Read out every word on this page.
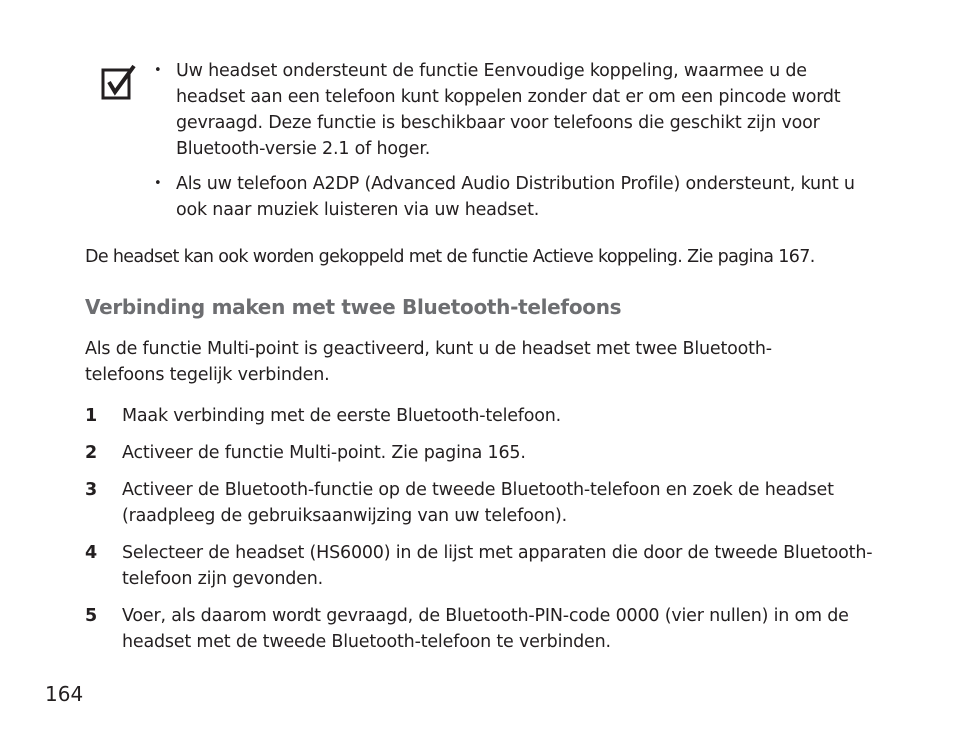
• Uw headset ondersteunt de functie Eenvoudige koppeling, waarmee u de headset aan een telefoon kunt koppelen zonder dat er om een pincode wordt gevraagd. Deze functie is beschikbaar voor telefoons die geschikt zijn voor Bluetooth-versie 2.1 of hoger.
• Als uw telefoon A2DP (Advanced Audio Distribution Profile) ondersteunt, kunt u ook naar muziek luisteren via uw headset.
De headset kan ook worden gekoppeld met de functie Actieve koppeling. Zie pagina 167.
Verbinding maken met twee Bluetooth-telefoons
Als de functie Multi-point is geactiveerd, kunt u de headset met twee Bluetooth-telefoons tegelijk verbinden.
1 Maak verbinding met de eerste Bluetooth-telefoon.
2 Activeer de functie Multi-point. Zie pagina 165.
3 Activeer de Bluetooth-functie op de tweede Bluetooth-telefoon en zoek de headset (raadpleeg de gebruiksaanwijzing van uw telefoon).
4 Selecteer de headset (HS6000) in de lijst met apparaten die door de tweede Bluetooth-telefoon zijn gevonden.
5 Voer, als daarom wordt gevraagd, de Bluetooth-PIN-code 0000 (vier nullen) in om de headset met de tweede Bluetooth-telefoon te verbinden.
164
